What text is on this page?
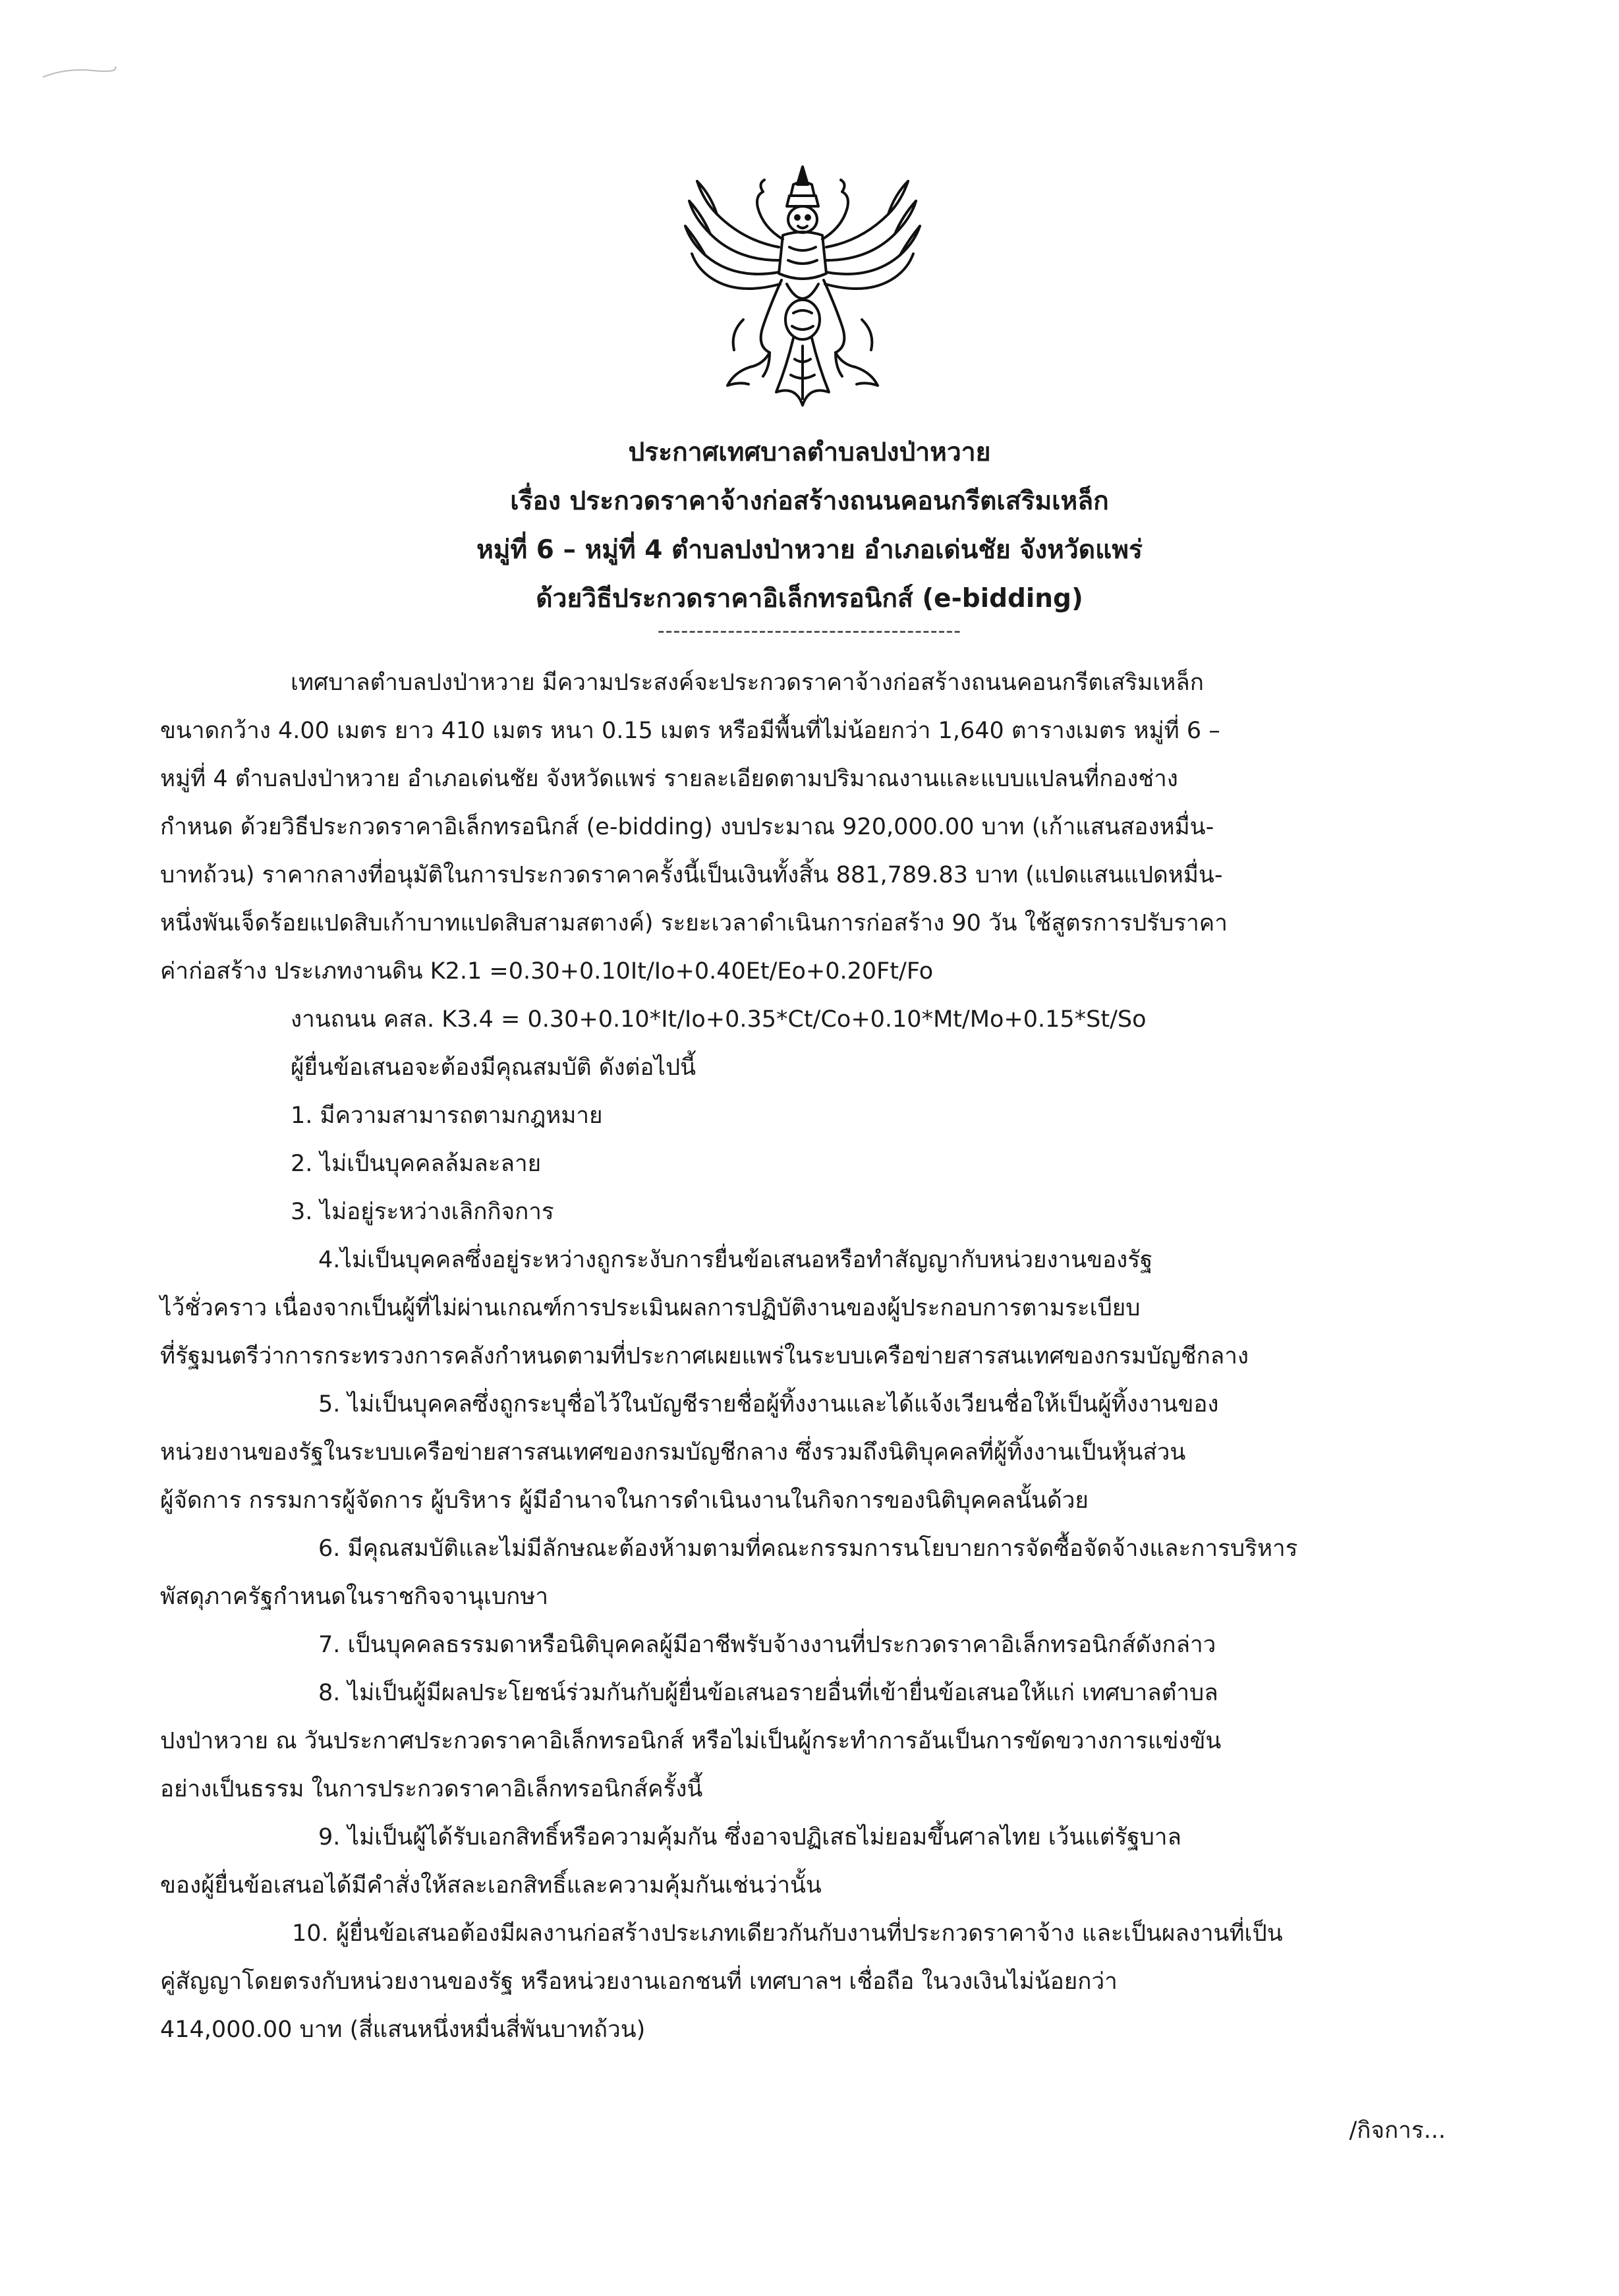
ประกาศเทศบาลตำบลปงป่าหวาย
เรื่อง ประกวดราคาจ้างก่อสร้างถนนคอนกรีตเสริมเหล็ก
หมู่ที่ 6 – หมู่ที่ 4 ตำบลปงป่าหวาย อำเภอเด่นชัย จังหวัดแพร่
ด้วยวิธีประกวดราคาอิเล็กทรอนิกส์ (e-bidding)
---------------------------------------
เทศบาลตำบลปงป่าหวาย มีความประสงค์จะประกวดราคาจ้างก่อสร้างถนนคอนกรีตเสริมเหล็ก
ขนาดกว้าง 4.00 เมตร ยาว 410 เมตร หนา 0.15 เมตร หรือมีพื้นที่ไม่น้อยกว่า 1,640 ตารางเมตร หมู่ที่ 6 –
หมู่ที่ 4 ตำบลปงป่าหวาย อำเภอเด่นชัย จังหวัดแพร่ รายละเอียดตามปริมาณงานและแบบแปลนที่กองช่าง
กำหนด ด้วยวิธีประกวดราคาอิเล็กทรอนิกส์ (e-bidding) งบประมาณ 920,000.00 บาท (เก้าแสนสองหมื่น-
บาทถ้วน) ราคากลางที่อนุมัติในการประกวดราคาครั้งนี้เป็นเงินทั้งสิ้น 881,789.83 บาท (แปดแสนแปดหมื่น-
หนึ่งพันเจ็ดร้อยแปดสิบเก้าบาทแปดสิบสามสตางค์) ระยะเวลาดำเนินการก่อสร้าง 90 วัน ใช้สูตรการปรับราคา
ค่าก่อสร้าง ประเภทงานดิน K2.1 =0.30+0.10It/Io+0.40Et/Eo+0.20Ft/Fo
งานถนน คสล. K3.4 = 0.30+0.10*It/Io+0.35*Ct/Co+0.10*Mt/Mo+0.15*St/So
ผู้ยื่นข้อเสนอจะต้องมีคุณสมบัติ ดังต่อไปนี้
1. มีความสามารถตามกฎหมาย
2. ไม่เป็นบุคคลล้มละลาย
3. ไม่อยู่ระหว่างเลิกกิจการ
4.ไม่เป็นบุคคลซึ่งอยู่ระหว่างถูกระงับการยื่นข้อเสนอหรือทำสัญญากับหน่วยงานของรัฐ
ไว้ชั่วคราว เนื่องจากเป็นผู้ที่ไม่ผ่านเกณฑ์การประเมินผลการปฏิบัติงานของผู้ประกอบการตามระเบียบ
ที่รัฐมนตรีว่าการกระทรวงการคลังกำหนดตามที่ประกาศเผยแพร่ในระบบเครือข่ายสารสนเทศของกรมบัญชีกลาง
5. ไม่เป็นบุคคลซึ่งถูกระบุชื่อไว้ในบัญชีรายชื่อผู้ทิ้งงานและได้แจ้งเวียนชื่อให้เป็นผู้ทิ้งงานของ
หน่วยงานของรัฐในระบบเครือข่ายสารสนเทศของกรมบัญชีกลาง ซึ่งรวมถึงนิติบุคคลที่ผู้ทิ้งงานเป็นหุ้นส่วน
ผู้จัดการ กรรมการผู้จัดการ ผู้บริหาร ผู้มีอำนาจในการดำเนินงานในกิจการของนิติบุคคลนั้นด้วย
6. มีคุณสมบัติและไม่มีลักษณะต้องห้ามตามที่คณะกรรมการนโยบายการจัดซื้อจัดจ้างและการบริหาร
พัสดุภาครัฐกำหนดในราชกิจจานุเบกษา
7. เป็นบุคคลธรรมดาหรือนิติบุคคลผู้มีอาชีพรับจ้างงานที่ประกวดราคาอิเล็กทรอนิกส์ดังกล่าว
8. ไม่เป็นผู้มีผลประโยชน์ร่วมกันกับผู้ยื่นข้อเสนอรายอื่นที่เข้ายื่นข้อเสนอให้แก่ เทศบาลตำบล
ปงป่าหวาย ณ วันประกาศประกวดราคาอิเล็กทรอนิกส์ หรือไม่เป็นผู้กระทำการอันเป็นการขัดขวางการแข่งขัน
อย่างเป็นธรรม ในการประกวดราคาอิเล็กทรอนิกส์ครั้งนี้
9. ไม่เป็นผู้ได้รับเอกสิทธิ์หรือความคุ้มกัน ซึ่งอาจปฏิเสธไม่ยอมขึ้นศาลไทย เว้นแต่รัฐบาล
ของผู้ยื่นข้อเสนอได้มีคำสั่งให้สละเอกสิทธิ์และความคุ้มกันเช่นว่านั้น
10. ผู้ยื่นข้อเสนอต้องมีผลงานก่อสร้างประเภทเดียวกันกับงานที่ประกวดราคาจ้าง และเป็นผลงานที่เป็น
คู่สัญญาโดยตรงกับหน่วยงานของรัฐ หรือหน่วยงานเอกชนที่ เทศบาลฯ เชื่อถือ ในวงเงินไม่น้อยกว่า
414,000.00 บาท (สี่แสนหนึ่งหมื่นสี่พันบาทถ้วน)
/กิจการ...
